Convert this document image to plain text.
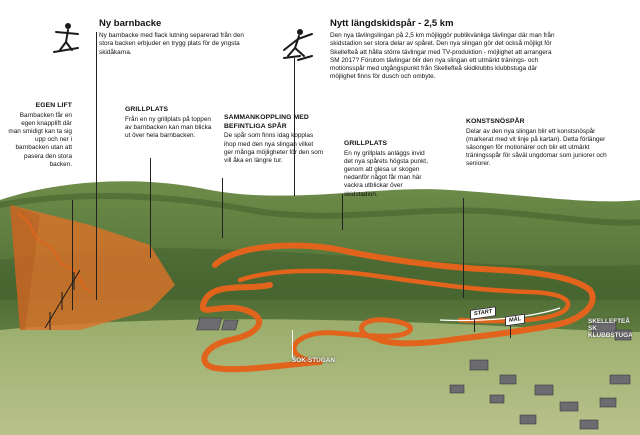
EGEN LIFT
Barnbacken får en egen knapplift där man smidigt kan ta sig upp och ner i barnbacken utan att pasera den stora backen.
Ny barnbacke
Ny barnbacke med flack lutning separerad från den stora backen erbjuder en trygg plats för de yngsta skidåkarna.
GRILLPLATS
Från en ny grillplats på toppen av barnbacken kan man blicka ut över hela barnbacken.
SAMMANKOPPLING MED BEFINTLIGA SPÅR
De spår som finns idag kopplas ihop med den nya slingan vilket ger många möjligheter för den som vill åka en längre tur.
Nytt längdskidspår - 2,5 km
Den nya tävlingslingan på 2,5 km möjliggör publikvänliga tävlingar där man från skidstadion ser stora delar av spåret. Den nya slingan gör det också möjligt för Skellefteå att hålla större tävlingar med TV-produktion - möjlighet att arrangera SM 2017? Förutom tävlingar blir den nya slingan ett utmärkt tränings- och motionsspår med utgångspunkt från Skellefteå skidklubbs klubbstuga där möjlighet finns för dusch och ombyte.
GRILLPLATS
En ny grillplats anläggs invid det nya spårets högsta punkt, genom att glesa ur skogen nedanför något får man här vackra utblickar över skidstadion.
KONSTSNÖSPÅR
Delar av den nya slingan blir ett konstsnöspår (markerat med vit linje på kartan). Detta förlänger säsongen för motionärer och blir ett utmärkt träningsspår för såväl ungdomar som juniorer och seniorer.
SOK-STUGAN
SKELLEFTEÅ SK KLUBBSTUGA
START
MÅL
